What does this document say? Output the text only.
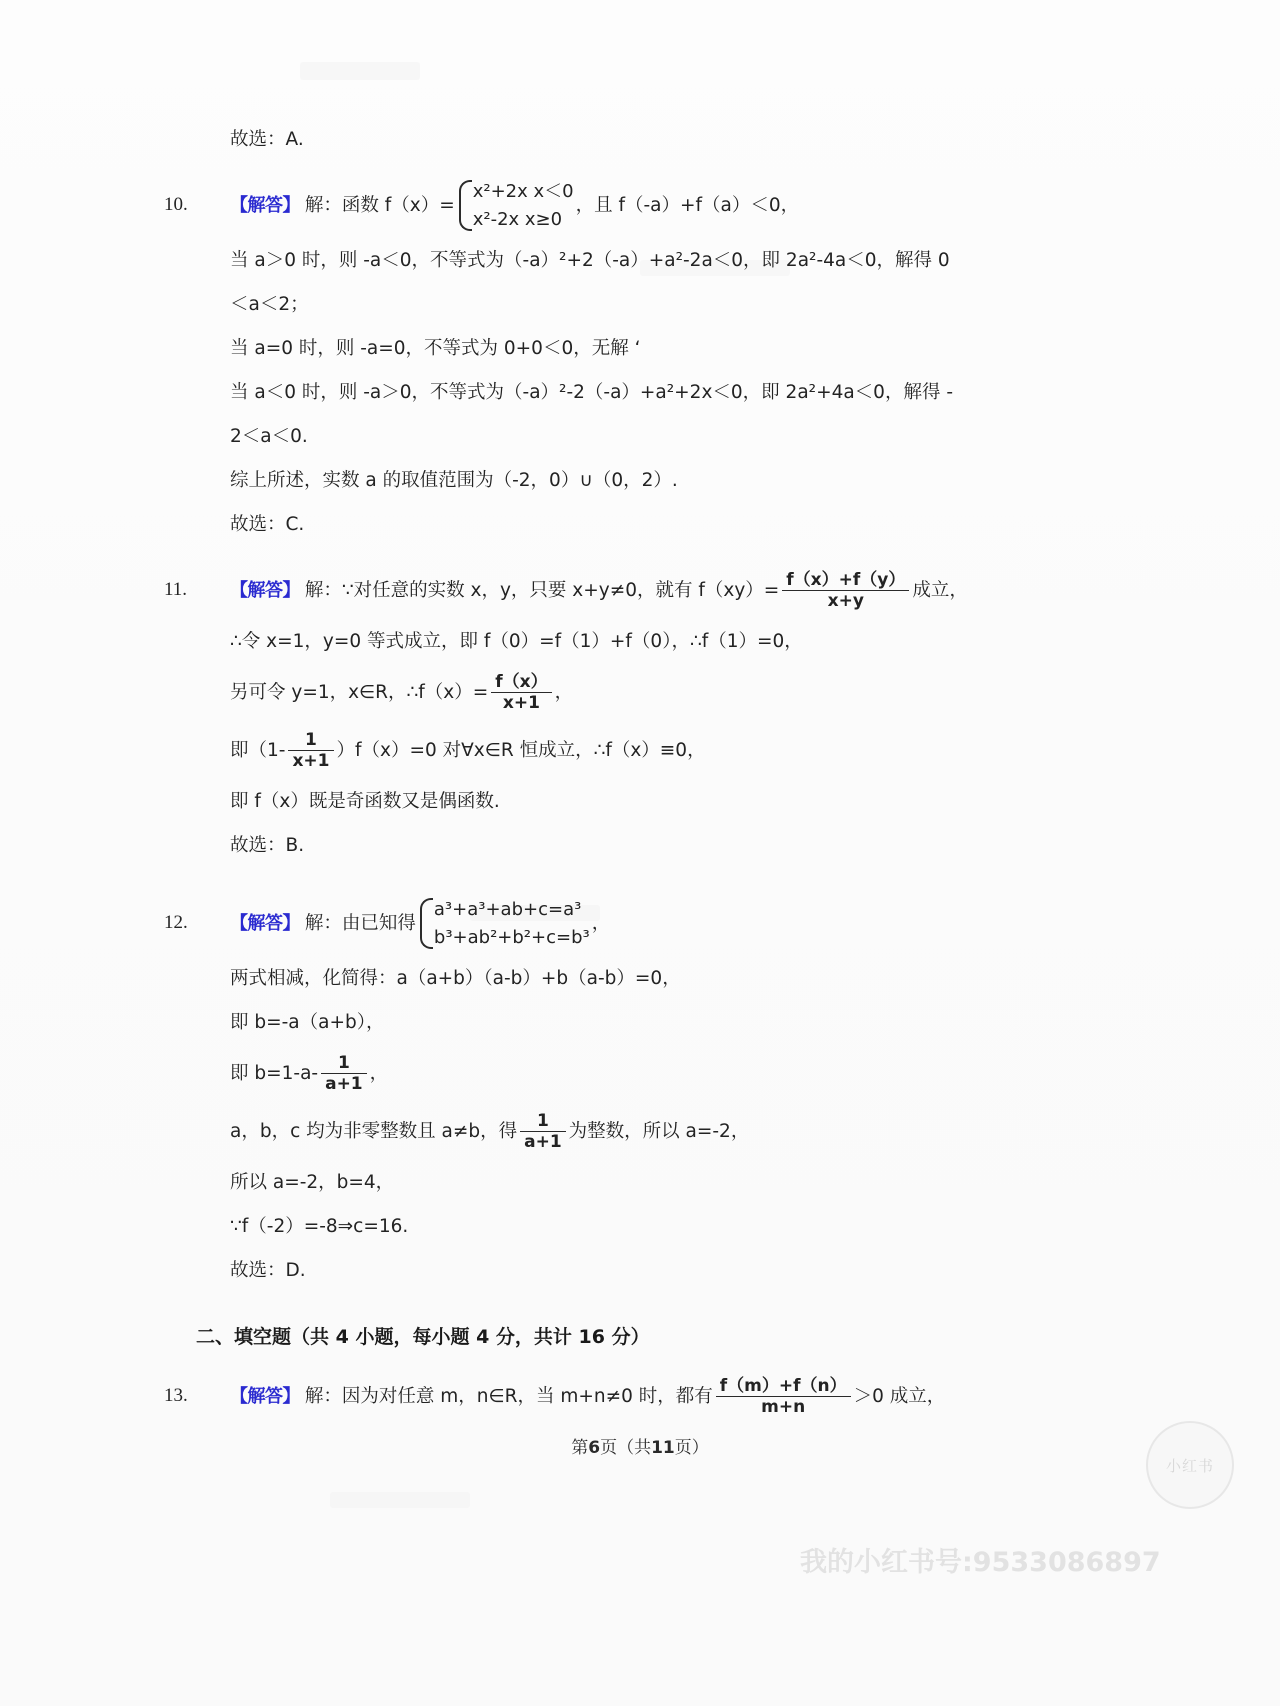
故选：A.
10. 【解答】 解：函数 f（x）=
x²+2x x＜0
x²-2x x≥0
，且 f（-a）+f（a）＜0，
当 a＞0 时，则 -a＜0，不等式为（-a）²+2（-a）+a²-2a＜0，即 2a²-4a＜0，解得 0
＜a＜2；
当 a=0 时，则 -a=0，不等式为 0+0＜0，无解 ‘
当 a＜0 时，则 -a＞0，不等式为（-a）²-2（-a）+a²+2x＜0，即 2a²+4a＜0，解得 -
2＜a＜0.
综上所述，实数 a 的取值范围为（-2，0）∪（0，2）.
故选：C.
11. 【解答】 解：∵对任意的实数 x，y，只要 x+y≠0，就有 $f(xy)= \frac{f(x)+f(y)}{x+y}$ 成立，
∴令 x=1，y=0 等式成立，即 f（0）=f（1）+f（0），∴f（1）=0，
另可令 y=1，x∈R，∴f（x）= $\frac{f(x)}{x+1}$ ，
即$(1- \frac{1}{x+1} )f(x)=0$ 对∀x∈R 恒成立，∴f（x）≡0，
即 f（x）既是奇函数又是偶函数.
故选：B.
12. 【解答】 解：由已知得
a³+a³+ab+c=a³
b³+ab²+b²+c=b³
，
两式相减，化简得：a（a+b）（a-b）+b（a-b）=0，
即 b=-a（a+b），
即 $b=1-a- \frac{1}{a+1}$ ，
a，b，c 均为非零整数且 a≠b，得 $\frac{1}{a+1}$ 为整数，所以 a=-2，
所以 a=-2，b=4，
∵f（-2）=-8⇒c=16.
故选：D.
二、填空题（共 4 小题，每小题 4 分，共计 16 分）
13. 【解答】 解：因为对任意 m，n∈R，当 m+n≠0 时，都有 $\frac{f(m)+f(n)}{m+n} >0$ 成立，
第6页（共11页）
小红书
我的小红书号:9533086897
